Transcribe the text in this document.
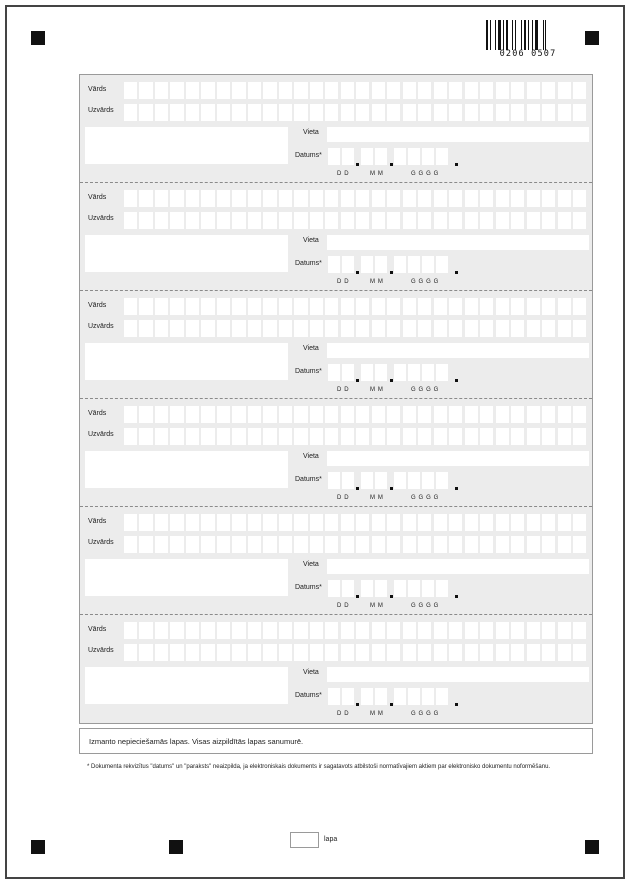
0206 0507
Vārds
Uzvārds
Vieta
Datums*
D D	M M	G G G G
Vārds
Uzvārds
Vieta
Datums*
D D	M M	G G G G
Vārds
Uzvārds
Vieta
Datums*
D D	M M	G G G G
Vārds
Uzvārds
Vieta
Datums*
D D	M M	G G G G
Vārds
Uzvārds
Vieta
Datums*
D D	M M	G G G G
Vārds
Uzvārds
Vieta
Datums*
D D	M M	G G G G
Izmanto nepieciešamās lapas. Visas aizpildītās lapas sanumurē.
* Dokumenta rekvizītus "datums" un "paraksts" neaizpilda, ja elektroniskais dokuments ir sagatavots atbilstoši normatīvajiem aktiem par elektronisko dokumentu noformēšanu.
lapa
